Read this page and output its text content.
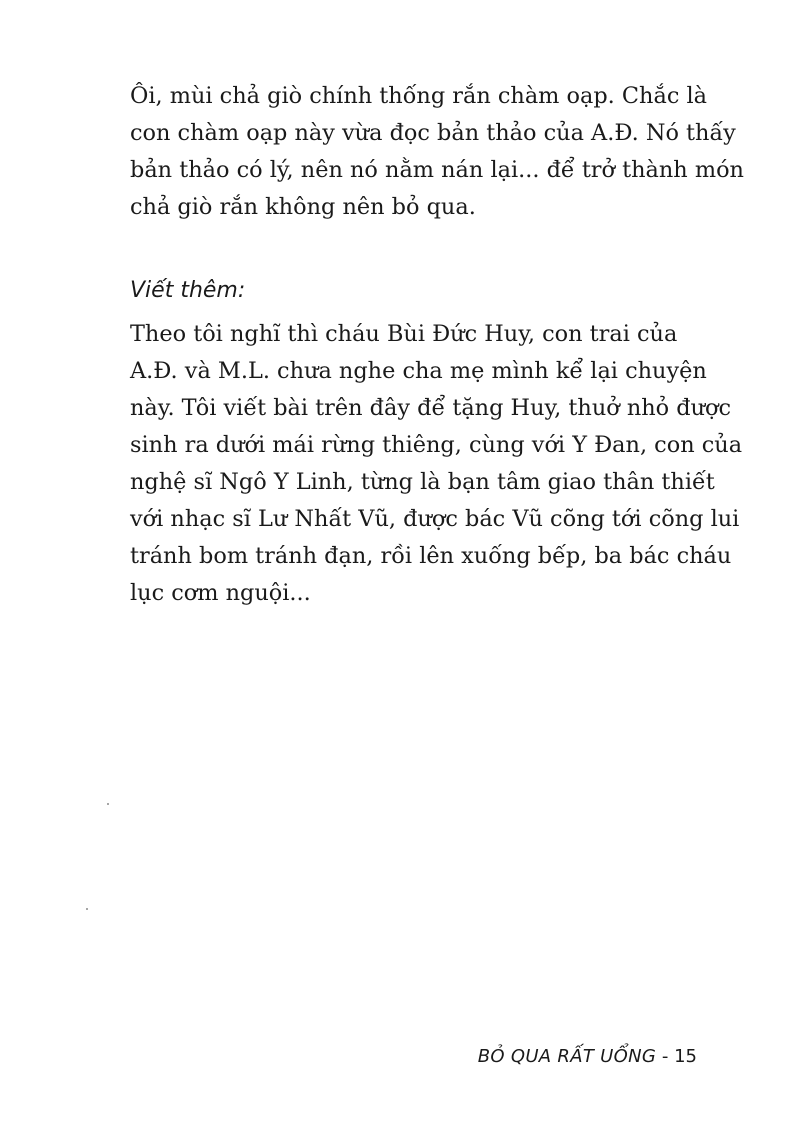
Ôi, mùi chả giò chính thống rắn chàm oạp. Chắc là
con chàm oạp này vừa đọc bản thảo của A.Đ. Nó thấy
bản thảo có lý, nên nó nằm nán lại... để trở thành món
chả giò rắn không nên bỏ qua.
Viết thêm:
Theo tôi nghĩ thì cháu Bùi Đức Huy, con trai của
A.Đ. và M.L. chưa nghe cha mẹ mình kể lại chuyện
này. Tôi viết bài trên đây để tặng Huy, thuở nhỏ được
sinh ra dưới mái rừng thiêng, cùng với Y Đan, con của
nghệ sĩ Ngô Y Linh, từng là bạn tâm giao thân thiết
với nhạc sĩ Lư Nhất Vũ, được bác Vũ cõng tới cõng lui
tránh bom tránh đạn, rồi lên xuống bếp, ba bác cháu
lục cơm nguội...
BỎ QUA RẤT UỔNG - 15
